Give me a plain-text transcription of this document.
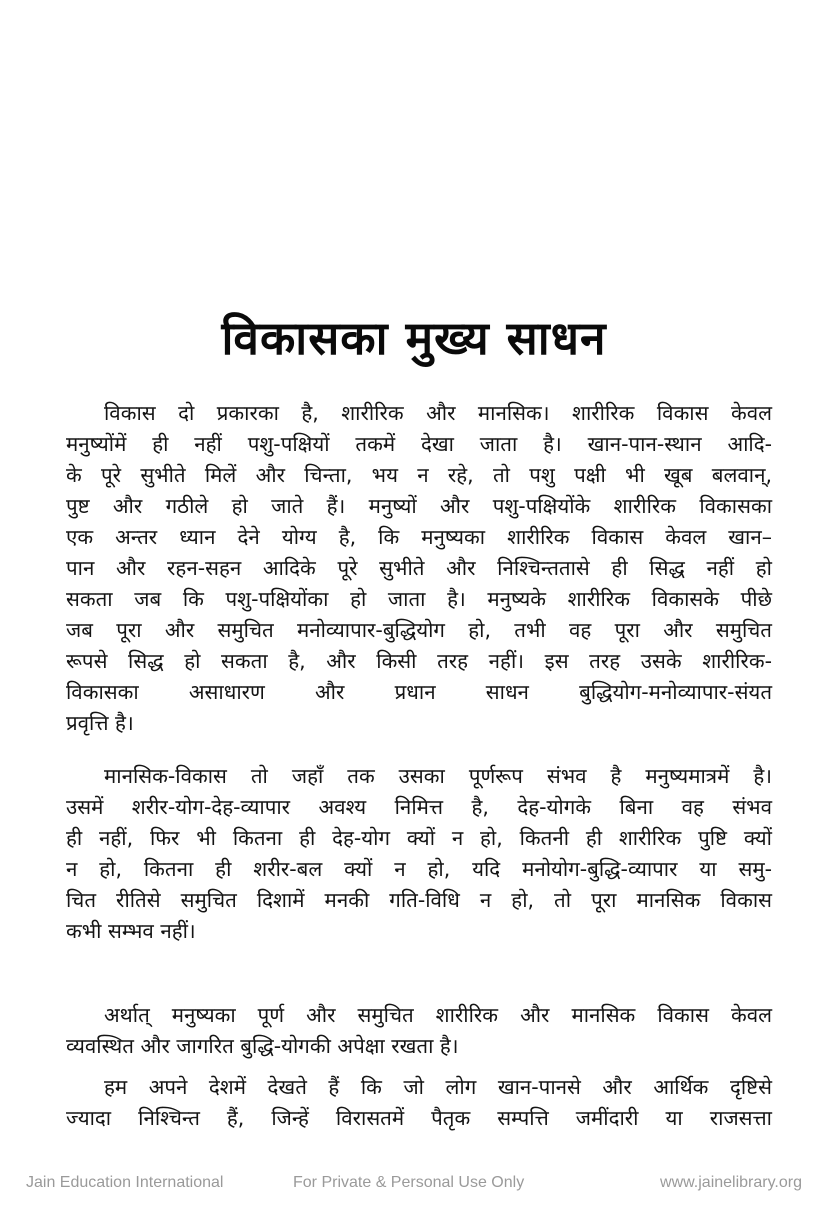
विकासका मुख्य साधन
विकास दो प्रकारका है, शारीरिक और मानसिक। शारीरिक विकास केवल
मनुष्योंमें ही नहीं पशु-पक्षियों तकमें देखा जाता है। खान-पान-स्थान आदि-
के पूरे सुभीते मिलें और चिन्ता, भय न रहे, तो पशु पक्षी भी खूब बलवान्,
पुष्ट और गठीले हो जाते हैं। मनुष्यों और पशु-पक्षियोंके शारीरिक विकासका
एक अन्तर ध्यान देने योग्य है, कि मनुष्यका शारीरिक विकास केवल खान–
पान और रहन-सहन आदिके पूरे सुभीते और निश्चिन्ततासे ही सिद्ध नहीं हो
सकता जब कि पशु-पक्षियोंका हो जाता है। मनुष्यके शारीरिक विकासके पीछे
जब पूरा और समुचित मनोव्यापार-बुद्धियोग हो, तभी वह पूरा और समुचित
रूपसे सिद्ध हो सकता है, और किसी तरह नहीं। इस तरह उसके शारीरिक-
विकासका असाधारण और प्रधान साधन बुद्धियोग-मनोव्यापार-संयत
प्रवृत्ति है।
मानसिक-विकास तो जहाँ तक उसका पूर्णरूप संभव है मनुष्यमात्रमें है।
उसमें शरीर-योग-देह-व्यापार अवश्य निमित्त है, देह-योगके बिना वह संभव
ही नहीं, फिर भी कितना ही देह-योग क्यों न हो, कितनी ही शारीरिक पुष्टि क्यों
न हो, कितना ही शरीर-बल क्यों न हो, यदि मनोयोग-बुद्धि-व्यापार या समु-
चित रीतिसे समुचित दिशामें मनकी गति-विधि न हो, तो पूरा मानसिक विकास
कभी सम्भव नहीं।
अर्थात् मनुष्यका पूर्ण और समुचित शारीरिक और मानसिक विकास केवल
व्यवस्थित और जागरित बुद्धि-योगकी अपेक्षा रखता है।
हम अपने देशमें देखते हैं कि जो लोग खान-पानसे और आर्थिक दृष्टिसे
ज्यादा निश्चिन्त हैं, जिन्हें विरासतमें पैतृक सम्पत्ति जमींदारी या राजसत्ता
Jain Education International	For Private & Personal Use Only	www.jainelibrary.org
